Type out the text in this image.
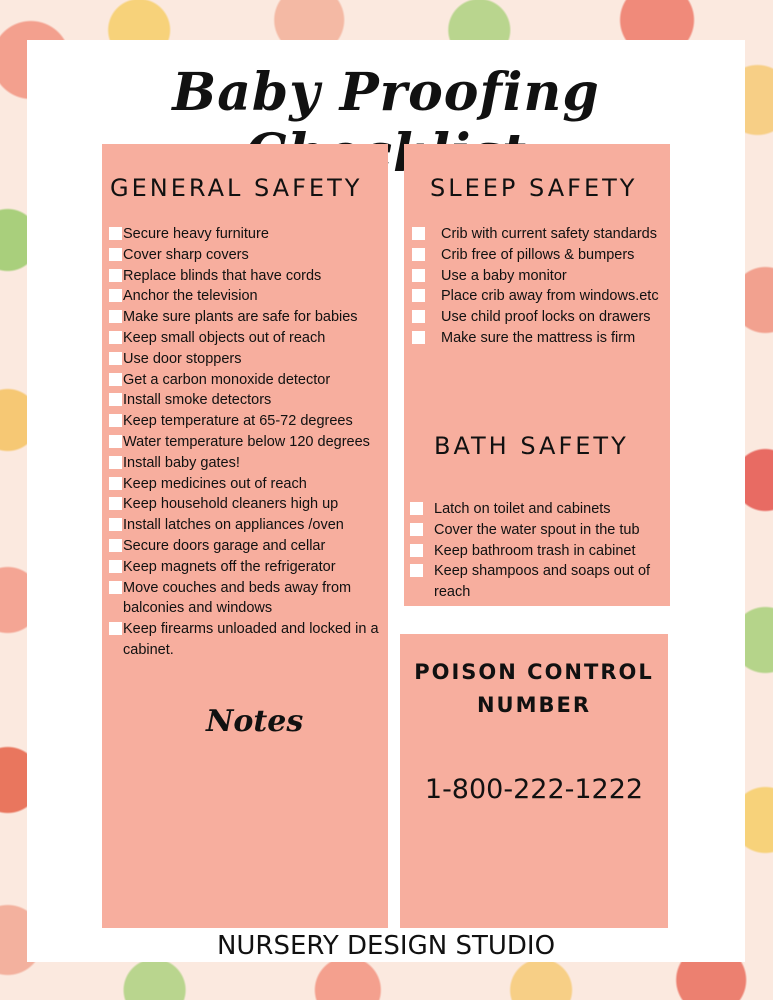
Baby Proofing
GENERAL SAFETY
Secure heavy furniture
Cover sharp covers
Replace blinds that have cords
Anchor the television
Make sure plants are safe for babies
Keep small objects out of reach
Use door stoppers
Get a carbon monoxide detector
Install smoke detectors
Keep temperature at 65-72 degrees
Water temperature below 120 degrees
Install baby gates!
Keep medicines out of reach
Keep household cleaners high up
Install latches on appliances /oven
Secure doors garage and cellar
Keep magnets off the refrigerator
Move couches and beds away from balconies and windows
Keep firearms unloaded and locked in a cabinet.
Notes
SLEEP SAFETY
Crib with current safety standards
Crib free of pillows & bumpers
Use a baby monitor
Place crib away from windows.etc
Use child proof locks on drawers
Make sure the mattress is firm
BATH SAFETY
Latch on toilet and cabinets
Cover the water spout in the tub
Keep bathroom trash in cabinet
Keep shampoos and soaps out of reach
POISON CONTROL
NUMBER
1-800-222-1222
NURSERY DESIGN STUDIO
